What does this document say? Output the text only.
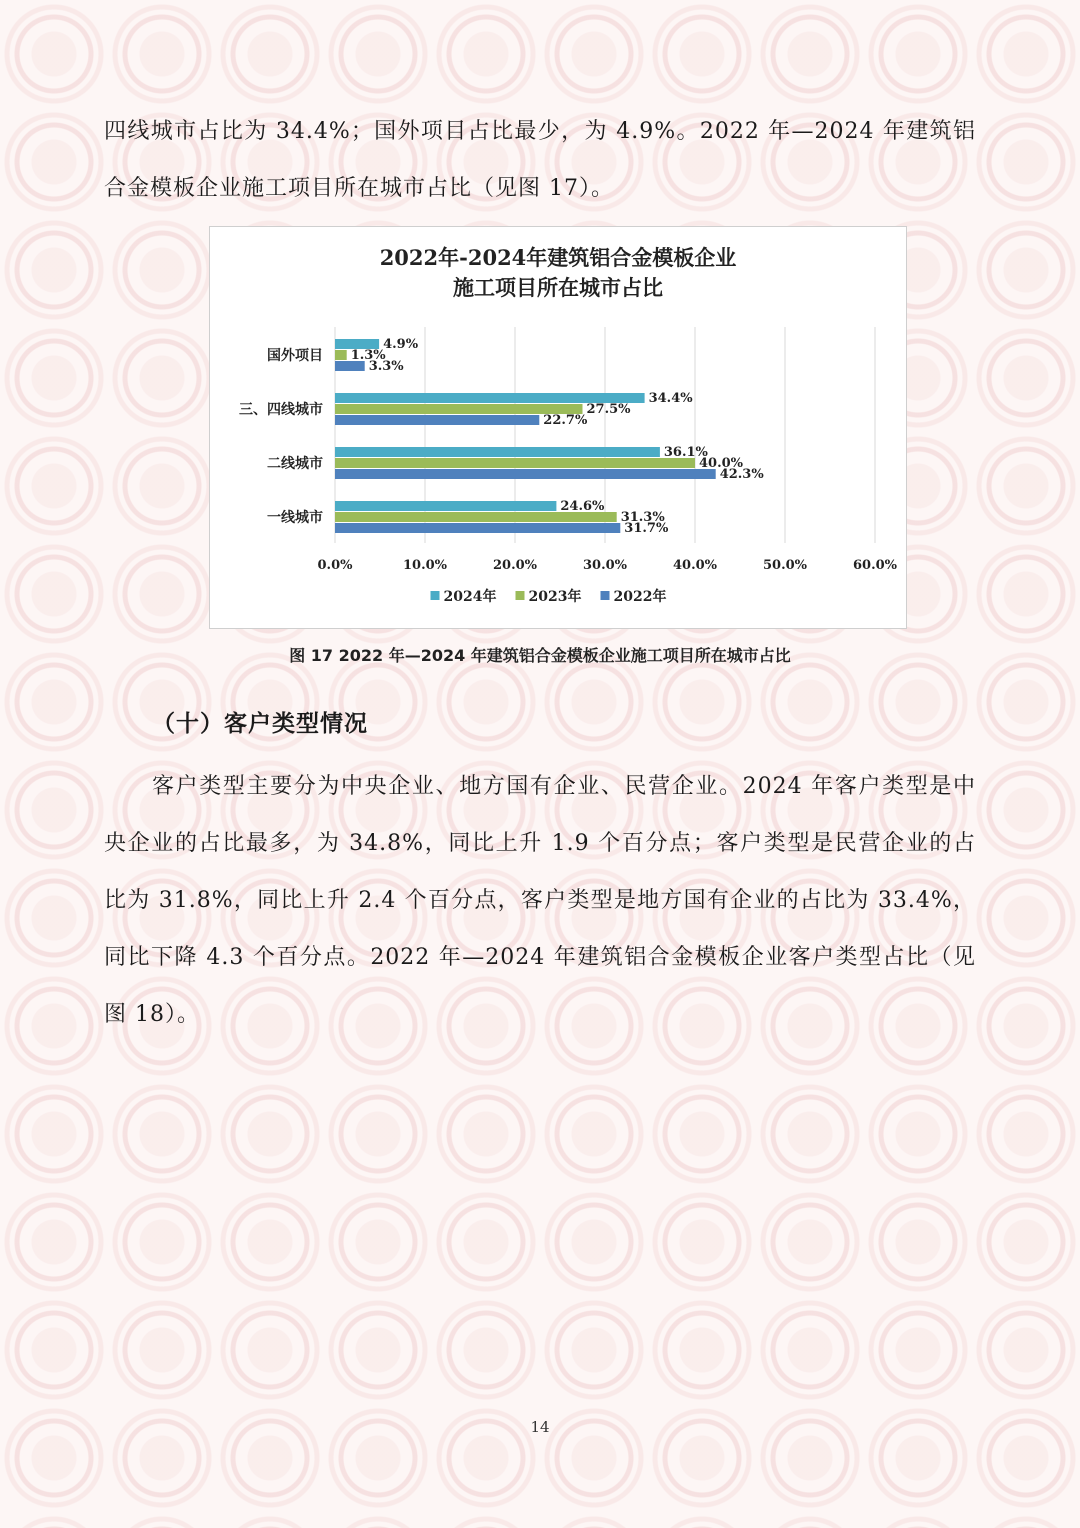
四线城市占比为 34.4%；国外项目占比最少，为 4.9%。2022 年—2024 年建筑铝合金模板企业施工项目所在城市占比（见图 17）。

2022年-2024年建筑铝合金模板企业
施工项目所在城市占比
4.9%
1.3%
3.3%
34.4%
27.5%
22.7%
36.1%
40.0%
42.3%
24.6%
31.3%
31.7%
国外项目
三、四线城市
二线城市
一线城市
0.0%	10.0%	20.0%	30.0%	40.0%	50.0%	60.0%
2024年 2023年 2022年
图 17 2022 年—2024 年建筑铝合金模板企业施工项目所在城市占比
（十）客户类型情况

客户类型主要分为中央企业、地方国有企业、民营企业。2024 年客户类型是中央企业的占比最多，为 34.8%，同比上升 1.9 个百分点；客户类型是民营企业的占比为 31.8%，同比上升 2.4 个百分点，客户类型是地方国有企业的占比为 33.4%，同比下降 4.3 个百分点。2022 年—2024 年建筑铝合金模板企业客户类型占比（见图 18）。

14
